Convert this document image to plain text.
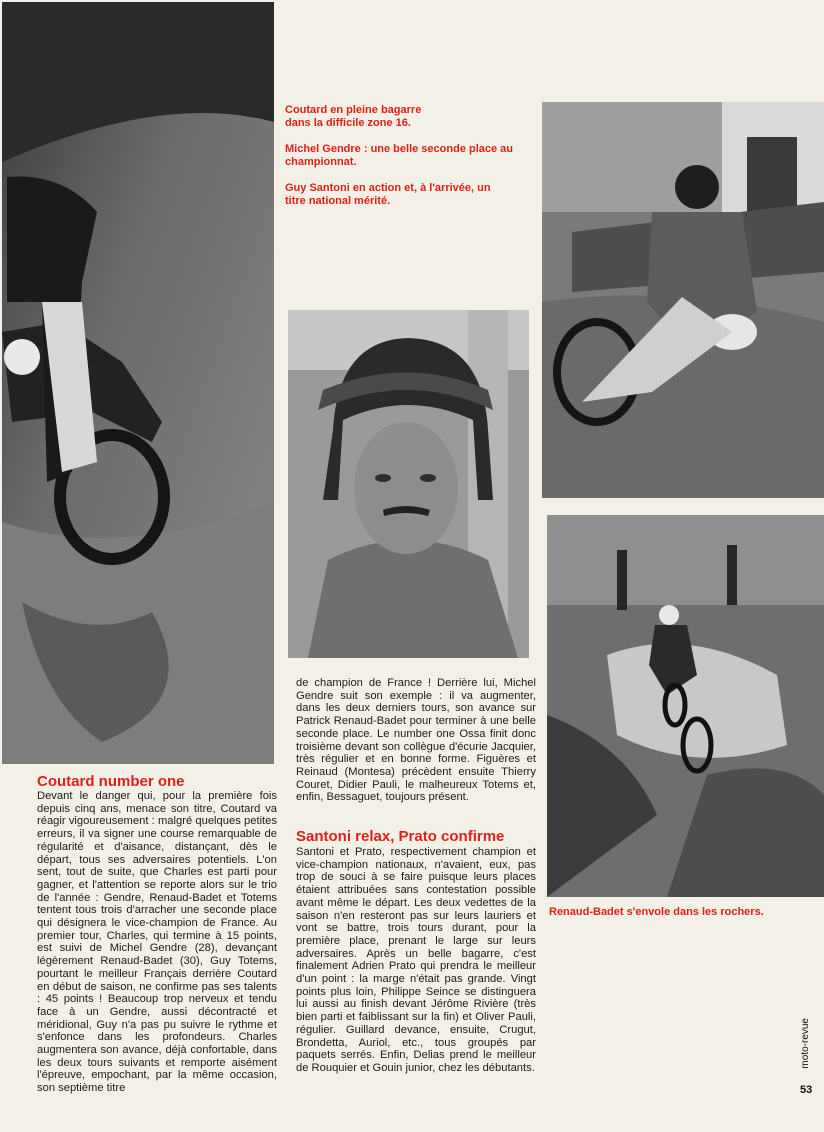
Coutard en pleine bagarre dans la difficile zone 16.

Michel Gendre : une belle seconde place au championnat.

Guy Santoni en action et, à l'arrivée, un titre national mérité.

Renaud-Badet s'envole dans les rochers.
Coutard number one

Devant le danger qui, pour la première fois depuis cinq ans, menace son titre, Coutard va réagir vigoureusement : malgré quelques petites erreurs, il va signer une course remarquable de régularité et d'aisance, distançant, dès le départ, tous ses adversaires potentiels. L'on sent, tout de suite, que Charles est parti pour gagner, et l'attention se reporte alors sur le trio de l'année : Gendre, Renaud-Badet et Totems tentent tous trois d'arracher une seconde place qui désignera le vice-champion de France. Au premier tour, Charles, qui termine à 15 points, est suivi de Michel Gendre (28), devançant légèrement Renaud-Badet (30), Guy Totems, pourtant le meilleur Français derrière Coutard en début de saison, ne confirme pas ses talents : 45 points ! Beaucoup trop nerveux et tendu face à un Gendre, aussi décontracté et méridional, Guy n'a pas pu suivre le rythme et s'enfonce dans les profondeurs. Charles augmentera son avance, déjà confortable, dans les deux tours suivants et remporte aisément l'épreuve, empochant, par la même occasion, son septième titre

de champion de France ! Derrière lui, Michel Gendre suit son exemple : il va augmenter, dans les deux derniers tours, son avance sur Patrick Renaud-Badet pour terminer à une belle seconde place. Le number one Ossa finit donc troisième devant son collègue d'écurie Jacquier, très régulier et en bonne forme. Figuères et Reinaud (Montesa) précèdent ensuite Thierry Couret, Didier Pauli, le malheureux Totems et, enfin, Bessaguet, toujours présent.

Santoni relax, Prato confirme

Santoni et Prato, respectivement champion et vice-champion nationaux, n'avaient, eux, pas trop de souci à se faire puisque leurs places étaient attribuées sans contestation possible avant même le départ. Les deux vedettes de la saison n'en resteront pas sur leurs lauriers et vont se battre, trois tours durant, pour la première place, prenant le large sur leurs adversaires. Après un belle bagarre, c'est finalement Adrien Prato qui prendra le meilleur d'un point : la marge n'était pas grande. Vingt points plus loin, Philippe Seince se distinguera lui aussi au finish devant Jérôme Rivière (très bien parti et faiblissant sur la fin) et Oliver Pauli, régulier. Guillard devance, ensuite, Crugut, Brondetta, Auriol, etc., tous groupés par paquets serrés. Enfin, Delias prend le meilleur de Rouquier et Gouin junior, chez les débutants.	moto-revue
53
